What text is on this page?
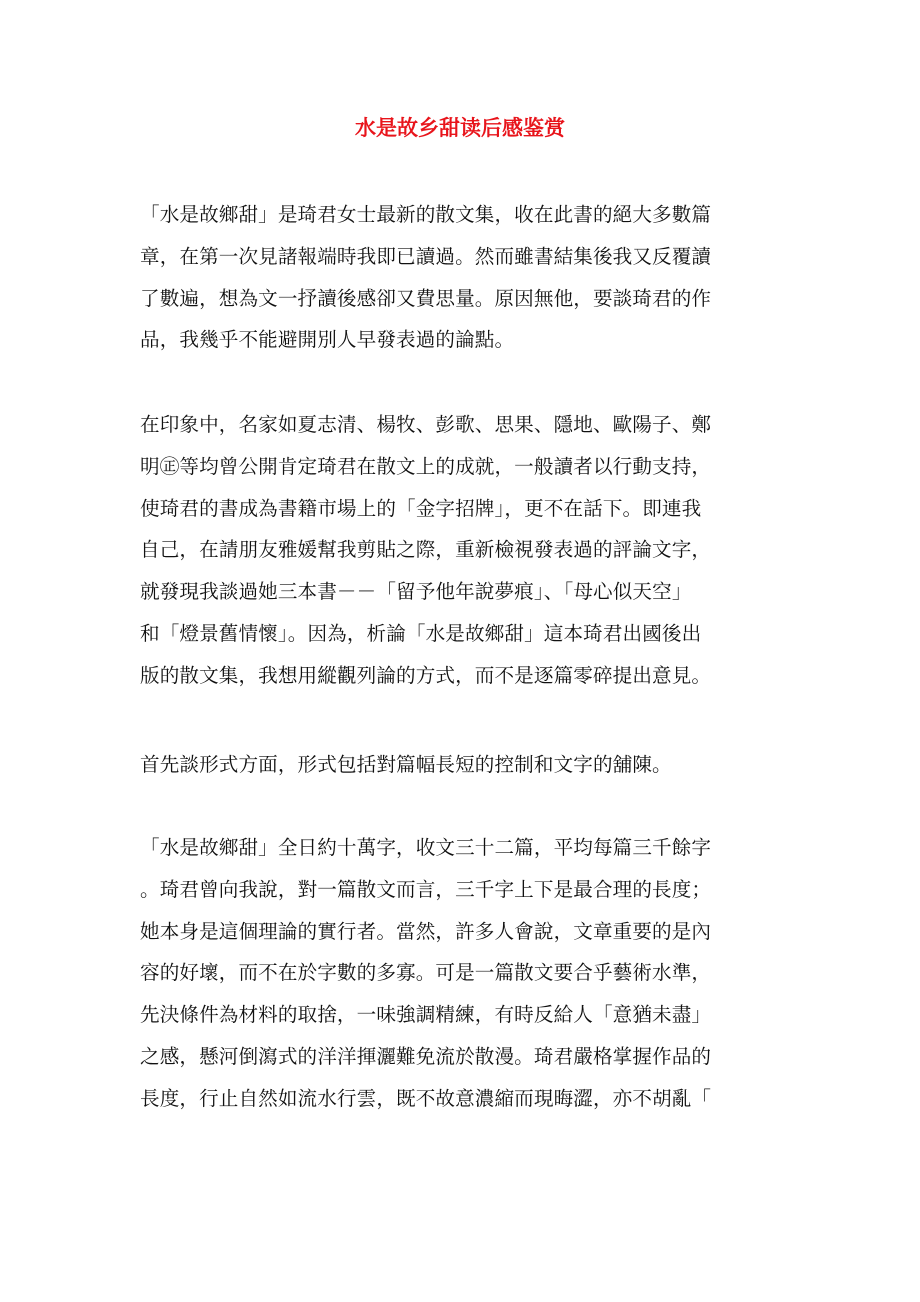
水是故乡甜读后感鉴赏
「水是故鄉甜」是琦君女士最新的散文集，收在此書的絕大多數篇
章，在第一次見諸報端時我即已讀過。然而雖書結集後我又反覆讀
了數遍，想為文一抒讀後感卻又費思量。原因無他，要談琦君的作
品，我幾乎不能避開別人早發表過的論點。
在印象中，名家如夏志清、楊牧、彭歌、思果、隱地、歐陽子、鄭
明㊣等均曾公開肯定琦君在散文上的成就，一般讀者以行動支持，
使琦君的書成為書籍市場上的「金字招牌」，更不在話下。即連我
自己，在請朋友雅媛幫我剪貼之際，重新檢視發表過的評論文字，
就發現我談過她三本書－－「留予他年說夢痕」、「母心似天空」
和「燈景舊情懷」。因為，析論「水是故鄉甜」這本琦君出國後出
版的散文集，我想用縱觀列論的方式，而不是逐篇零碎提出意見。
首先談形式方面，形式包括對篇幅長短的控制和文字的舖陳。
「水是故鄉甜」全日約十萬字，收文三十二篇，平均每篇三千餘字
。琦君曾向我說，對一篇散文而言，三千字上下是最合理的長度；
她本身是這個理論的實行者。當然，許多人會說，文章重要的是內
容的好壞，而不在於字數的多寡。可是一篇散文要合乎藝術水準，
先決條件為材料的取捨，一味強調精練，有時反給人「意猶未盡」
之感，懸河倒瀉式的洋洋揮灑難免流於散漫。琦君嚴格掌握作品的
長度，行止自然如流水行雲，既不故意濃縮而現晦澀，亦不胡亂「
